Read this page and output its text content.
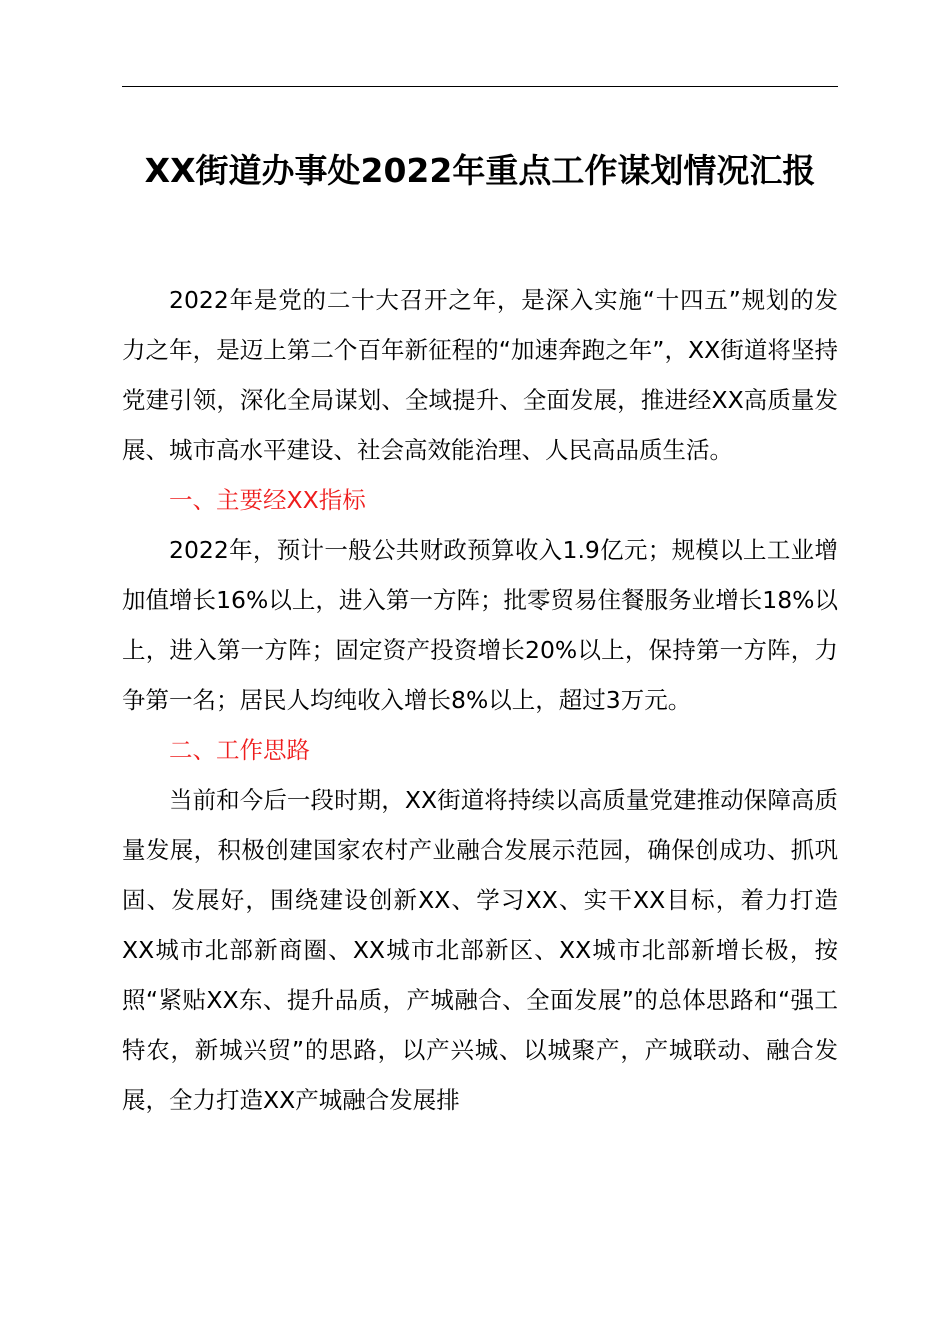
XX街道办事处2022年重点工作谋划情况汇报

2022年是党的二十大召开之年，是深入实施“十四五”规划的发力之年，是迈上第二个百年新征程的“加速奔跑之年”，XX街道将坚持党建引领，深化全局谋划、全域提升、全面发展，推进经XX高质量发展、城市高水平建设、社会高效能治理、人民高品质生活。

一、主要经XX指标

2022年，预计一般公共财政预算收入1.9亿元；规模以上工业增加值增长16%以上，进入第一方阵；批零贸易住餐服务业增长18%以上，进入第一方阵；固定资产投资增长20%以上，保持第一方阵，力争第一名；居民人均纯收入增长8%以上，超过3万元。

二、工作思路

当前和今后一段时期，XX街道将持续以高质量党建推动保障高质量发展，积极创建国家农村产业融合发展示范园，确保创成功、抓巩固、发展好，围绕建设创新XX、学习XX、实干XX目标，着力打造XX城市北部新商圈、XX城市北部新区、XX城市北部新增长极，按照“紧贴XX东、提升品质，产城融合、全面发展”的总体思路和“强工特农，新城兴贸”的思路，以产兴城、以城聚产，产城联动、融合发展，全力打造XX产城融合发展排
